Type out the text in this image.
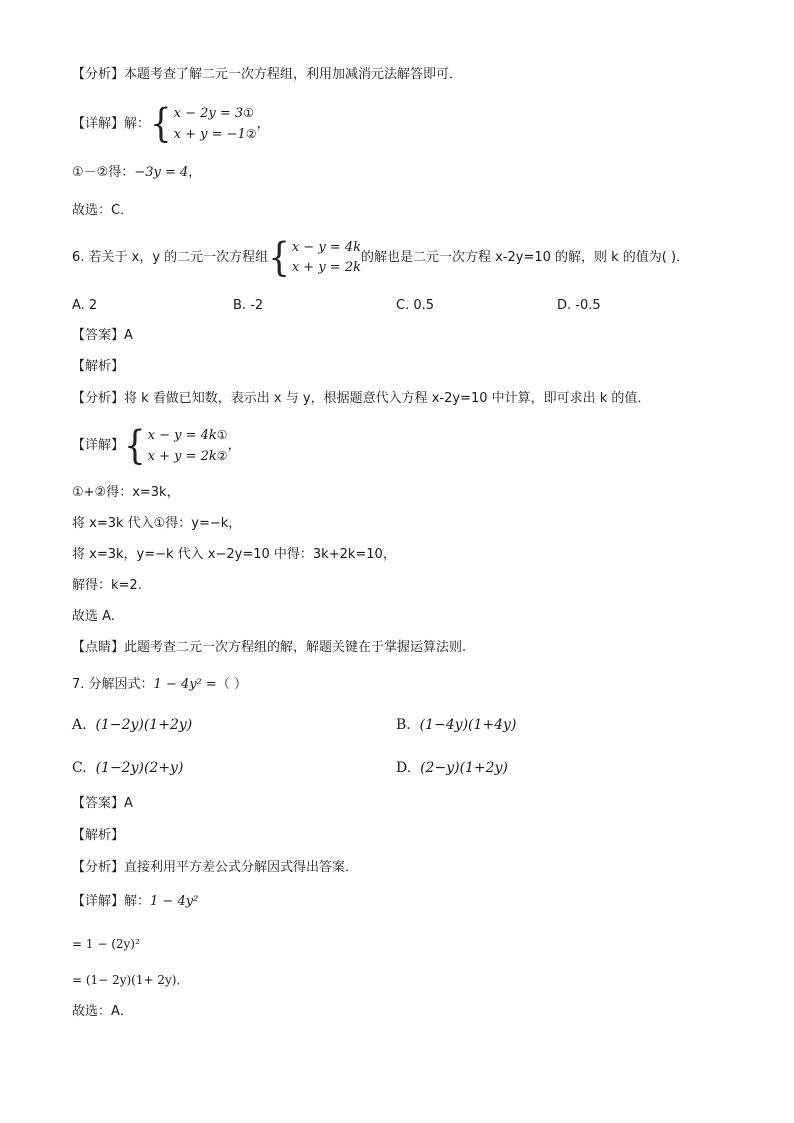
【分析】本题考查了解二元一次方程组，利用加减消元法解答即可．
【详解】解： { x − 2y = 3①
x + y = −1②
，
①－②得：−3y = 4，
故选：C．
6. 若关于 x，y 的二元一次方程组 { x − y = 4k
x + y = 2k
的解也是二元一次方程 x-2y=10 的解，则 k 的值为( )．
A. 2	B. -2	C. 0.5	D. -0.5
【答案】A
【解析】
【分析】将 k 看做已知数，表示出 x 与 y，根据题意代入方程 x-2y=10 中计算，即可求出 k 的值．
【详解】 { x − y = 4k①
x + y = 2k②
，
①+②得：x=3k，
将 x=3k 代入①得：y=−k，
将 x=3k，y=−k 代入 x−2y=10 中得：3k+2k=10，
解得：k=2.
故选 A.
【点睛】此题考查二元一次方程组的解，解题关键在于掌握运算法则.
7. 分解因式：1 − 4y² =（ ）
A. (1−2y)(1+2y)	B. (1−4y)(1+4y)
C. (1−2y)(2+y)	D. (2−y)(1+2y)
【答案】A
【解析】
【分析】直接利用平方差公式分解因式得出答案．
【详解】解：1 − 4y²
= 1 − (2y)²
= (1− 2y)(1+ 2y)．
故选：A．
